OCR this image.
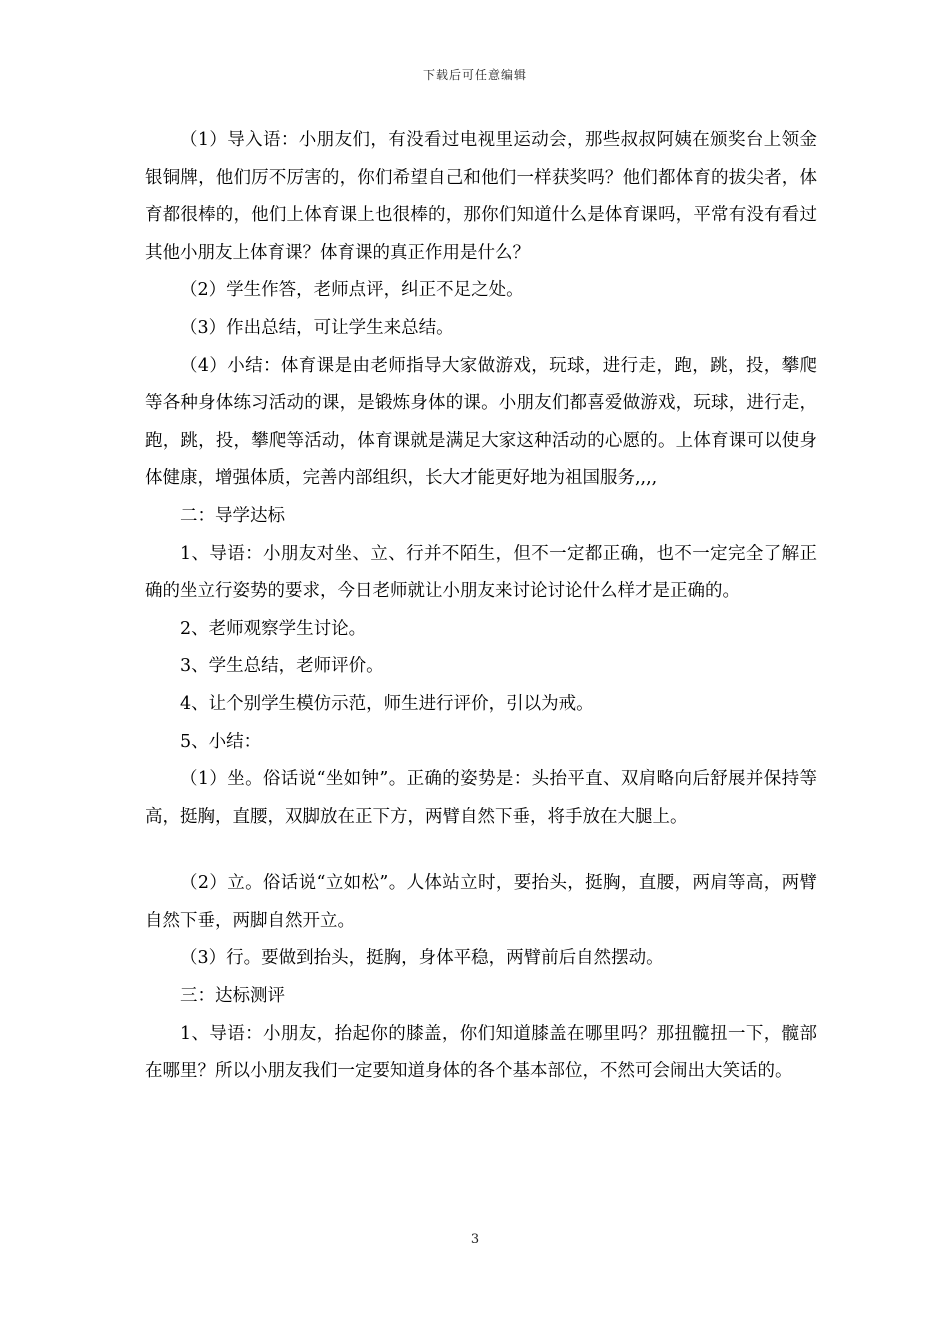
下载后可任意编辑

（1）导入语：小朋友们，有没看过电视里运动会，那些叔叔阿姨在颁奖台上领金银铜牌，他们厉不厉害的，你们希望自己和他们一样获奖吗？他们都体育的拔尖者，体育都很棒的，他们上体育课上也很棒的，那你们知道什么是体育课吗，平常有没有看过其他小朋友上体育课？体育课的真正作用是什么？

（2）学生作答，老师点评，纠正不足之处。

（3）作出总结，可让学生来总结。

（4）小结：体育课是由老师指导大家做游戏，玩球，进行走，跑，跳，投，攀爬等各种身体练习活动的课，是锻炼身体的课。小朋友们都喜爱做游戏，玩球，进行走，跑，跳，投，攀爬等活动，体育课就是满足大家这种活动的心愿的。上体育课可以使身体健康，增强体质，完善内部组织，长大才能更好地为祖国服务,,,,

二：导学达标

1、导语：小朋友对坐、立、行并不陌生，但不一定都正确，也不一定完全了解正确的坐立行姿势的要求，今日老师就让小朋友来讨论讨论什么样才是正确的。

2、老师观察学生讨论。

3、学生总结，老师评价。

4、让个别学生模仿示范，师生进行评价，引以为戒。

5、小结：

（1）坐。俗话说“坐如钟”。正确的姿势是：头抬平直、双肩略向后舒展并保持等高，挺胸，直腰，双脚放在正下方，两臂自然下垂，将手放在大腿上。

（2）立。俗话说“立如松”。人体站立时，要抬头，挺胸，直腰，两肩等高，两臂自然下垂，两脚自然开立。

（3）行。要做到抬头，挺胸，身体平稳，两臂前后自然摆动。

三：达标测评

1、导语：小朋友，抬起你的膝盖，你们知道膝盖在哪里吗？那扭髋扭一下，髋部在哪里？所以小朋友我们一定要知道身体的各个基本部位，不然可会闹出大笑话的。

3
